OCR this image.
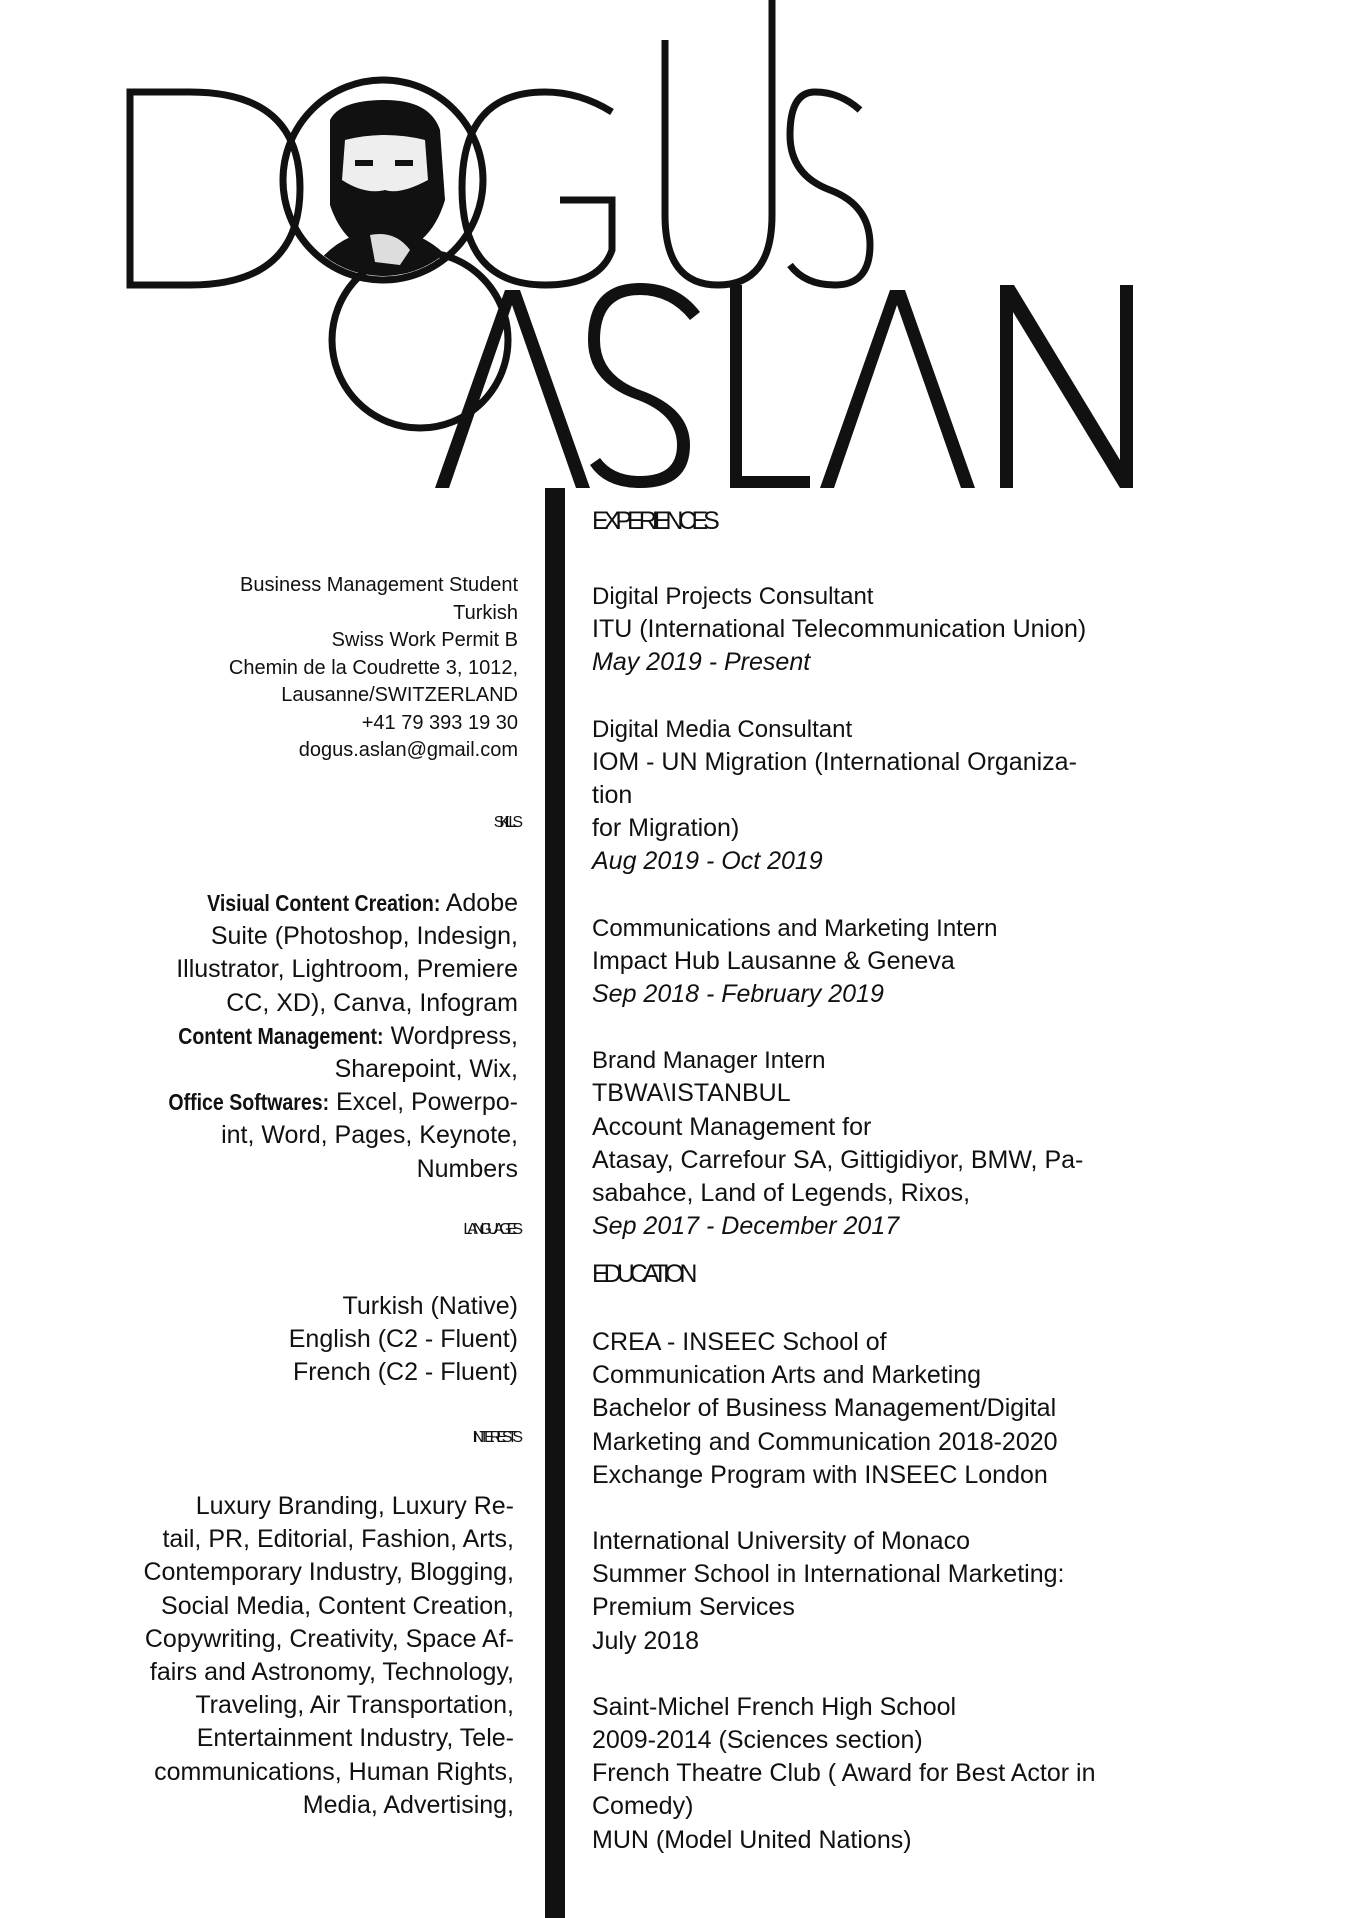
Business Management Student
Turkish
Swiss Work Permit B
Chemin de la Coudrette 3, 1012,
Lausanne/SWITZERLAND
+41 79 393 19 30
dogus.aslan@gmail.com
SKILLS
Visiual Content Creation: Adobe
Suite (Photoshop, Indesign,
Illustrator, Lightroom, Premiere
CC, XD), Canva, Infogram
Content Management: Wordpress,
Sharepoint, Wix,
Office Softwares: Excel, Powerpo-
int, Word, Pages, Keynote,
Numbers
LANGUAGES
Turkish (Native)
English (C2 - Fluent)
French (C2 - Fluent)
INTERESTS
Luxury Branding, Luxury Re-
tail, PR, Editorial, Fashion, Arts,
Contemporary Industry, Blogging,
Social Media, Content Creation,
Copywriting, Creativity, Space Af-
fairs and Astronomy, Technology,
Traveling, Air Transportation,
Entertainment Industry, Tele-
communications, Human Rights,
Media, Advertising,
EXPERIENCES
Digital Projects Consultant
ITU (International Telecommunication Union)
May 2019 - Present
Digital Media Consultant
IOM - UN Migration (International Organiza-
tion
for Migration)
Aug 2019 - Oct 2019
Communications and Marketing Intern
Impact Hub Lausanne & Geneva
Sep 2018 - February 2019
Brand Manager Intern
TBWA\ISTANBUL
Account Management for
Atasay, Carrefour SA, Gittigidiyor, BMW, Pa-
sabahce, Land of Legends, Rixos,
Sep 2017 - December 2017
EDUCATION
CREA - INSEEC School of
Communication Arts and Marketing
Bachelor of Business Management/Digital
Marketing and Communication 2018-2020
Exchange Program with INSEEC London
International University of Monaco
Summer School in International Marketing:
Premium Services
July 2018
Saint-Michel French High School
2009-2014 (Sciences section)
French Theatre Club ( Award for Best Actor in
Comedy)
MUN (Model United Nations)
